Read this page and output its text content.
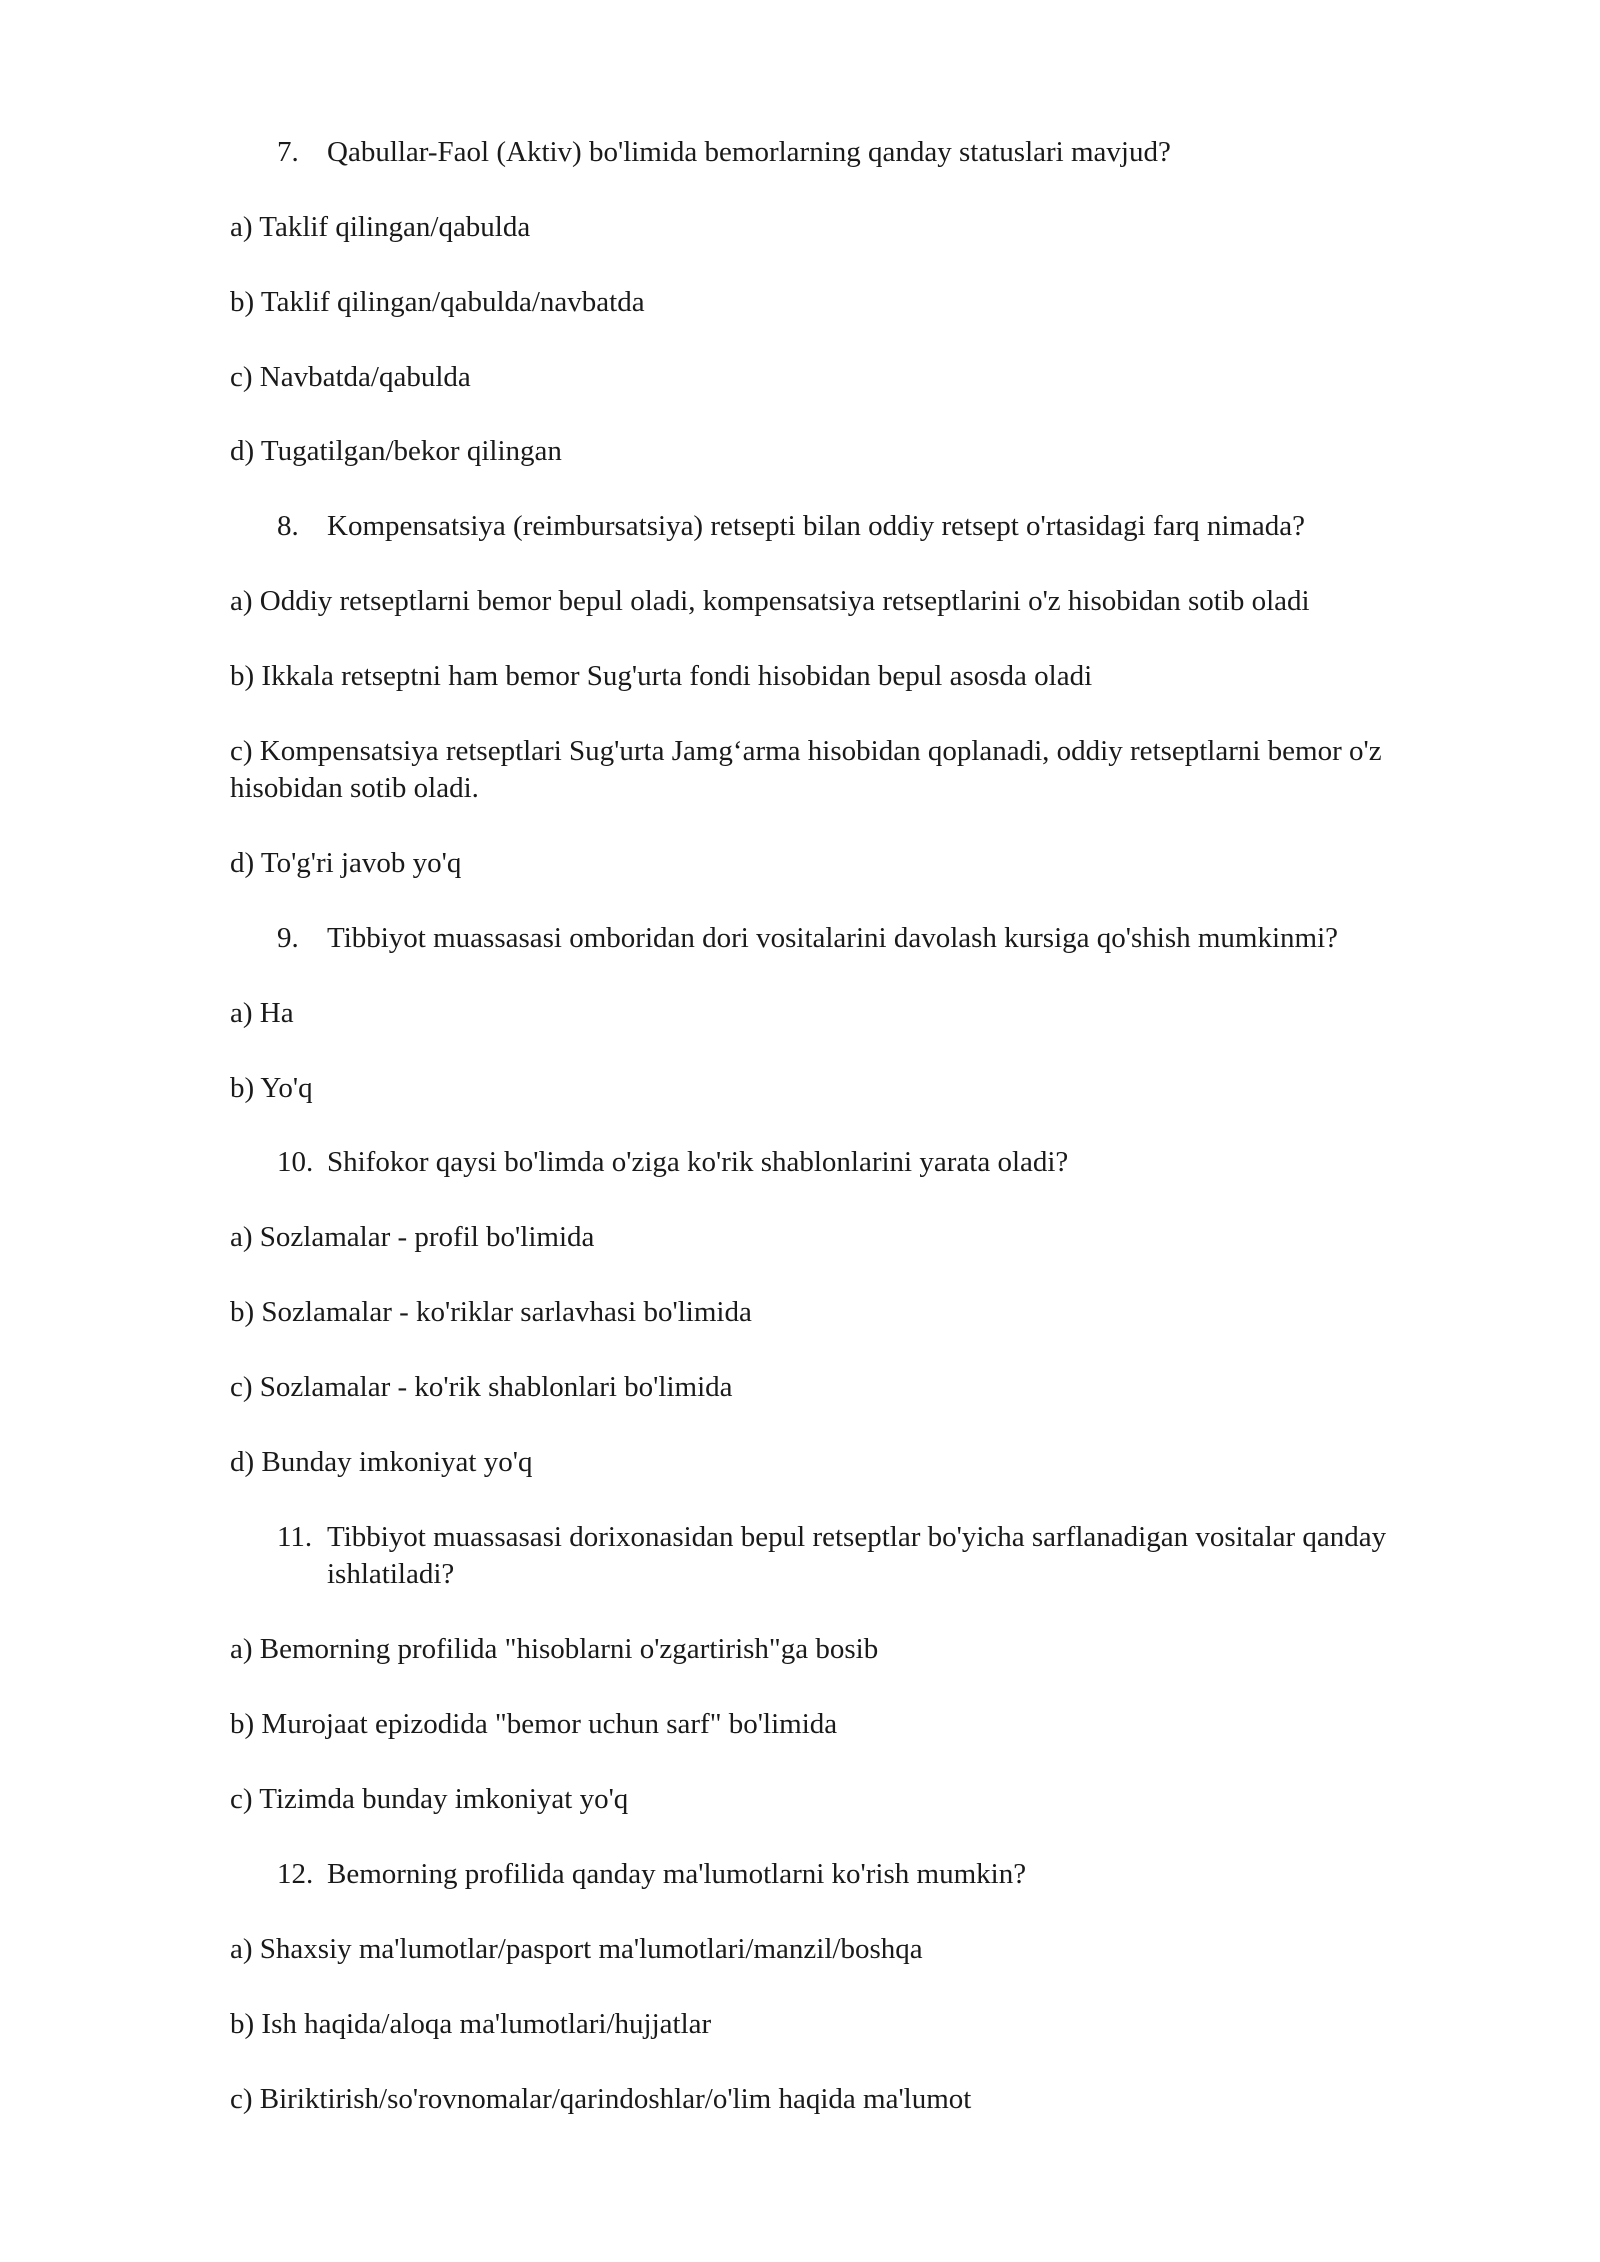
7. Qabullar-Faol (Aktiv) bo'limida bemorlarning qanday statuslari mavjud?

a) Taklif qilingan/qabulda

b) Taklif qilingan/qabulda/navbatda

c) Navbatda/qabulda

d) Tugatilgan/bekor qilingan

8. Kompensatsiya (reimbursatsiya) retsepti bilan oddiy retsept o'rtasidagi farq nimada?

a) Oddiy retseptlarni bemor bepul oladi, kompensatsiya retseptlarini o'z hisobidan sotib oladi

b) Ikkala retseptni ham bemor Sug'urta fondi hisobidan bepul asosda oladi

c) Kompensatsiya retseptlari Sug'urta Jamg‘arma hisobidan qoplanadi, oddiy retseptlarni bemor o'z hisobidan sotib oladi.

d) To'g'ri javob yo'q

9. Tibbiyot muassasasi omboridan dori vositalarini davolash kursiga qo'shish mumkinmi?

a) Ha

b) Yo'q

10. Shifokor qaysi bo'limda o'ziga ko'rik shablonlarini yarata oladi?

a) Sozlamalar - profil bo'limida

b) Sozlamalar - ko'riklar sarlavhasi bo'limida

c) Sozlamalar - ko'rik shablonlari bo'limida

d) Bunday imkoniyat yo'q

11. Tibbiyot muassasasi dorixonasidan bepul retseptlar bo'yicha sarflanadigan vositalar qanday ishlatiladi?

a) Bemorning profilida "hisoblarni o'zgartirish"ga bosib

b) Murojaat epizodida "bemor uchun sarf" bo'limida

c) Tizimda bunday imkoniyat yo'q

12. Bemorning profilida qanday ma'lumotlarni ko'rish mumkin?

a) Shaxsiy ma'lumotlar/pasport ma'lumotlari/manzil/boshqa

b) Ish haqida/aloqa ma'lumotlari/hujjatlar

c) Biriktirish/so'rovnomalar/qarindoshlar/o'lim haqida ma'lumot
